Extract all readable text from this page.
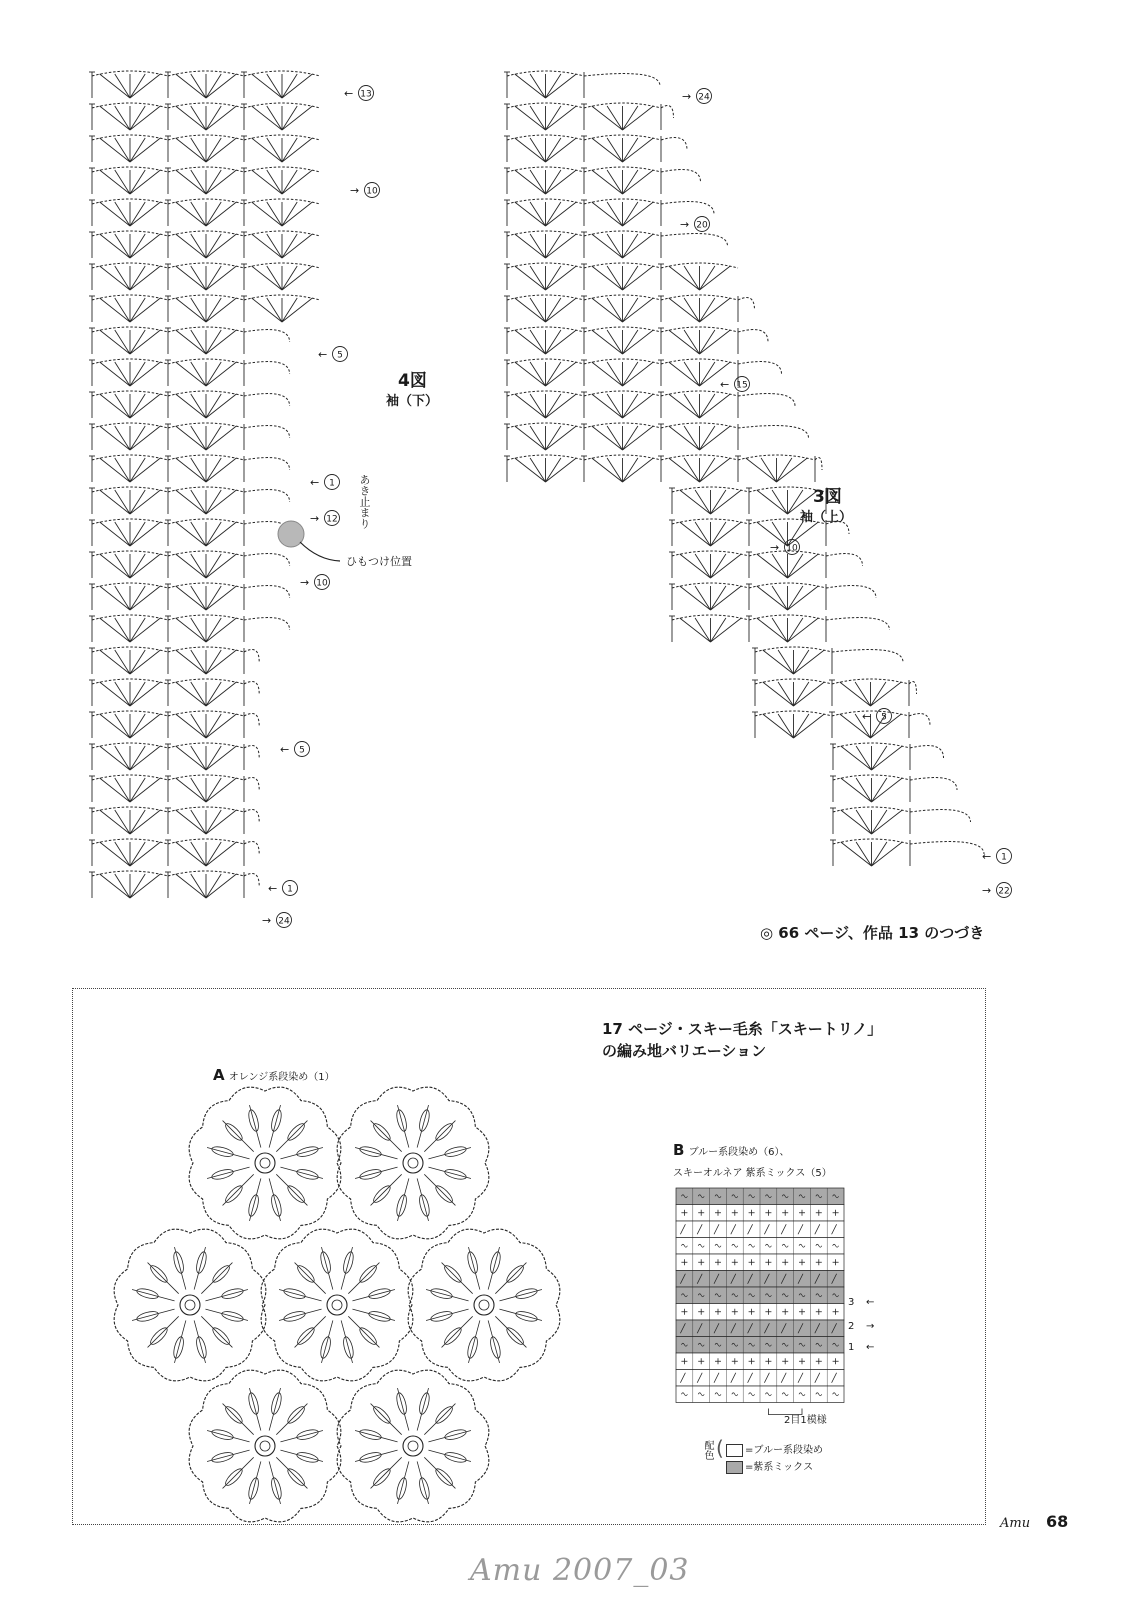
← 13
→ 10
← 5
← 1
→ 12
→ 10
← 5
← 1
→ 24
→ 24
→ 20
← 15
→ 10
← 5
← 1
→ 22
3 ←
2 →
1 ←
4図
袖（下）
あき止まり
ひもつけ位置
3図
袖（上）
◎ 66 ページ、作品 13 のつづき
17 ページ・スキー毛糸「スキートリノ」
の編み地バリエーション
A オレンジ系段染め（1）
B ブルー系段染め（6）、
スキーオルネア 紫系ミックス（5）
2目1模様
配色 (	=ブルー系段染め
=紫系ミックス
Amu 68
Amu 2007_03
